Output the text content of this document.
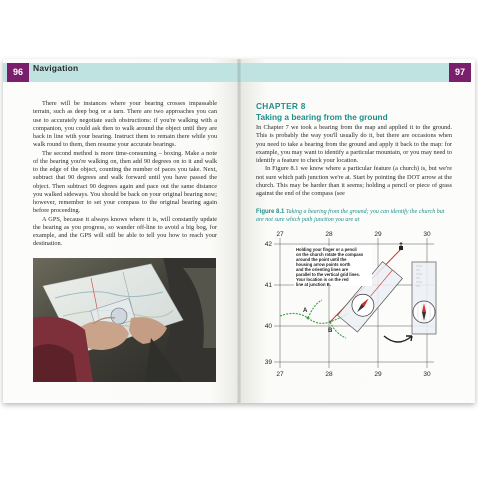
96	Navigation

There will be instances where your bearing crosses impassable terrain, such as deep bog or a tarn. There are two approaches you can use to accurately negotiate such obstructions: if you're walking with a companion, you could ask then to walk around the object until they are back in line with your bearing. Instruct them to remain there while you walk round to them, then resume your accurate bearings.

The second method is more time-consuming – boxing. Make a note of the bearing you're walking on, then add 90 degrees on to it and walk to the edge of the object, counting the number of paces you take. Next, subtract that 90 degrees and walk forward until you have passed the object. Then subtract 90 degrees again and pace out the same distance you walked sideways. You should be back on your original bearing now; however, remember to set your compass to the original bearing again before proceeding.

A GPS, because it always knows where it is, will constantly update the bearing as you progress, so wander off-line to avoid a big bog, for example, and the GPS will still be able to tell you how to reach your destination.

97
CHAPTER 8
Taking a bearing from the ground

In Chapter 7 we took a bearing from the map and applied it to the ground. This is probably the way you'll usually do it, but there are occasions when you need to take a bearing from the ground and apply it back to the map: for example, you may want to identify a particular mountain, or you may need to identify a feature to check your location.

In Figure 8.1 we know where a particular feature (a church) is, but we're not sure which path junction we're at. Start by pointing the DOT arrow at the church. This may be harder than it seems; holding a pencil or piece of grass against the end of the compass (see

Figure 8.1 Taking a bearing from the ground; you can identify the church but are not sure which path junction you are at
27	28	29	30
27	28	29	30
42
41
40
39
A
B
Holding your finger or a pencil
on the church rotate the compass
around the point until the
housing arrow points north
and the orienting lines are
parallel to the vertical grid lines.
Your location is on the red
line at junction B.
